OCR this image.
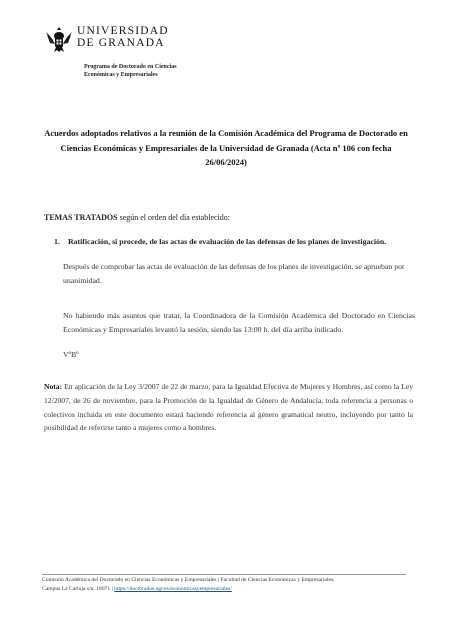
UNIVERSIDAD
DE GRANADA
Programa de Doctorado en Ciencias
Económicas y Empresariales
Acuerdos adoptados relativos a la reunión de la Comisión Académica del Programa de Doctorado en Ciencias Económicas y Empresariales de la Universidad de Granada (Acta nº 106 con fecha 26/06/2024)
TEMAS TRATADOS según el orden del día establecido:
1. Ratificación, si procede, de las actas de evaluación de las defensas de los planes de investigación.
Después de comprobar las actas de evaluación de las defensas de los planes de investigación, se aprueban por unanimidad.
No habiendo más asuntos que tratar, la Coordinadora de la Comisión Académica del Doctorado en Ciencias Económicas y Empresariales levantó la sesión, siendo las 13:00 h. del día arriba indicado.
VºBº
Nota: En aplicación de la Ley 3/2007 de 22 de marzo, para la Igualdad Efectiva de Mujeres y Hombres, así como la Ley 12/2007, de 26 de noviembre, para la Promoción de la Igualdad de Género de Andalucía, toda referencia a personas o colectivos incluida en este documento estará haciendo referencia al género gramatical neutro, incluyendo por tanto la posibilidad de referirse tanto a mujeres como a hombres.
Comisión Académica del Doctorado en Ciencias Económicas y Empresariales | Facultad de Ciencias Económicas y Empresariales,
Campus La Cartuja s/n, 18071 | https://doctorados.ugr.es/economicasyempresariales/
